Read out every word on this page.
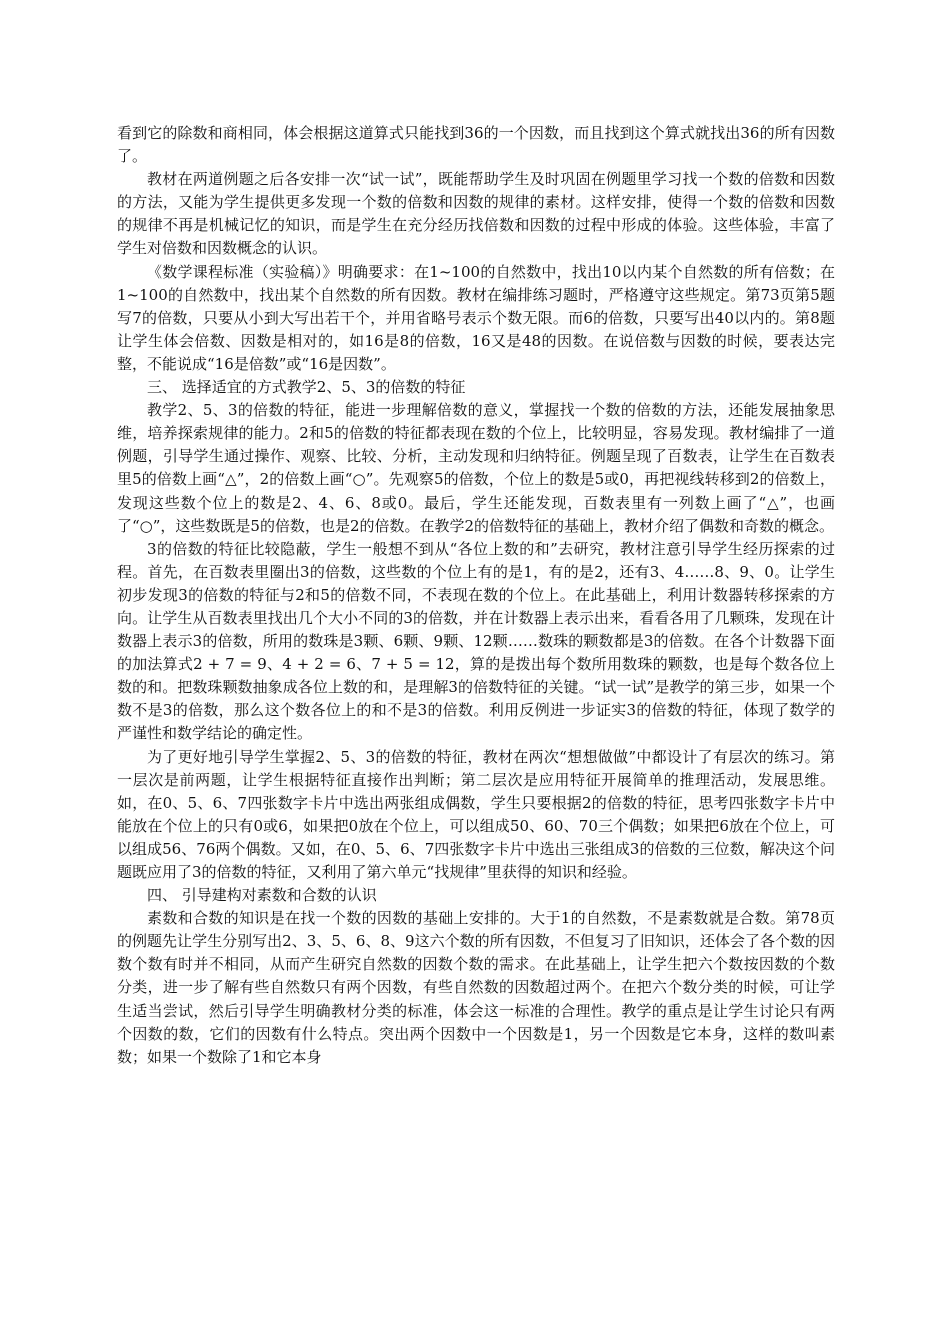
看到它的除数和商相同，体会根据这道算式只能找到36的一个因数，而且找到这个算式就找出36的所有因数了。

教材在两道例题之后各安排一次“试一试”，既能帮助学生及时巩固在例题里学习找一个数的倍数和因数的方法，又能为学生提供更多发现一个数的倍数和因数的规律的素材。这样安排，使得一个数的倍数和因数的规律不再是机械记忆的知识，而是学生在充分经历找倍数和因数的过程中形成的体验。这些体验，丰富了学生对倍数和因数概念的认识。

《数学课程标准（实验稿）》明确要求：在1~100的自然数中，找出10以内某个自然数的所有倍数；在1~100的自然数中，找出某个自然数的所有因数。教材在编排练习题时，严格遵守这些规定。第73页第5题写7的倍数，只要从小到大写出若干个，并用省略号表示个数无限。而6的倍数，只要写出40以内的。第8题让学生体会倍数、因数是相对的，如16是8的倍数，16又是48的因数。在说倍数与因数的时候，要表达完整，不能说成“16是倍数”或“16是因数”。

三、 选择适宜的方式教学2、5、3的倍数的特征

教学2、5、3的倍数的特征，能进一步理解倍数的意义，掌握找一个数的倍数的方法，还能发展抽象思维，培养探索规律的能力。2和5的倍数的特征都表现在数的个位上，比较明显，容易发现。教材编排了一道例题，引导学生通过操作、观察、比较、分析，主动发现和归纳特征。例题呈现了百数表，让学生在百数表里5的倍数上画“△”，2的倍数上画“○”。先观察5的倍数，个位上的数是5或0，再把视线转移到2的倍数上，发现这些数个位上的数是2、4、6、8或0。最后，学生还能发现，百数表里有一列数上画了“△”，也画了“○”，这些数既是5的倍数，也是2的倍数。在教学2的倍数特征的基础上，教材介绍了偶数和奇数的概念。

3的倍数的特征比较隐蔽，学生一般想不到从“各位上数的和”去研究，教材注意引导学生经历探索的过程。首先，在百数表里圈出3的倍数，这些数的个位上有的是1，有的是2，还有3、4……8、9、0。让学生初步发现3的倍数的特征与2和5的倍数不同，不表现在数的个位上。在此基础上，利用计数器转移探索的方向。让学生从百数表里找出几个大小不同的3的倍数，并在计数器上表示出来，看看各用了几颗珠，发现在计数器上表示3的倍数，所用的数珠是3颗、6颗、9颗、12颗……数珠的颗数都是3的倍数。在各个计数器下面的加法算式2 + 7 = 9、4 + 2 = 6、7 + 5 = 12，算的是拨出每个数所用数珠的颗数，也是每个数各位上数的和。把数珠颗数抽象成各位上数的和，是理解3的倍数特征的关键。“试一试”是教学的第三步，如果一个数不是3的倍数，那么这个数各位上的和不是3的倍数。利用反例进一步证实3的倍数的特征，体现了数学的严谨性和数学结论的确定性。

为了更好地引导学生掌握2、5、3的倍数的特征，教材在两次“想想做做”中都设计了有层次的练习。第一层次是前两题，让学生根据特征直接作出判断；第二层次是应用特征开展简单的推理活动，发展思维。如，在0、5、6、7四张数字卡片中选出两张组成偶数，学生只要根据2的倍数的特征，思考四张数字卡片中能放在个位上的只有0或6，如果把0放在个位上，可以组成50、60、70三个偶数；如果把6放在个位上，可以组成56、76两个偶数。又如，在0、5、6、7四张数字卡片中选出三张组成3的倍数的三位数，解决这个问题既应用了3的倍数的特征，又利用了第六单元“找规律”里获得的知识和经验。

四、 引导建构对素数和合数的认识

素数和合数的知识是在找一个数的因数的基础上安排的。大于1的自然数，不是素数就是合数。第78页的例题先让学生分别写出2、3、5、6、8、9这六个数的所有因数，不但复习了旧知识，还体会了各个数的因数个数有时并不相同，从而产生研究自然数的因数个数的需求。在此基础上，让学生把六个数按因数的个数分类，进一步了解有些自然数只有两个因数，有些自然数的因数超过两个。在把六个数分类的时候，可让学生适当尝试，然后引导学生明确教材分类的标准，体会这一标准的合理性。教学的重点是让学生讨论只有两个因数的数，它们的因数有什么特点。突出两个因数中一个因数是1，另一个因数是它本身，这样的数叫素数；如果一个数除了1和它本身
